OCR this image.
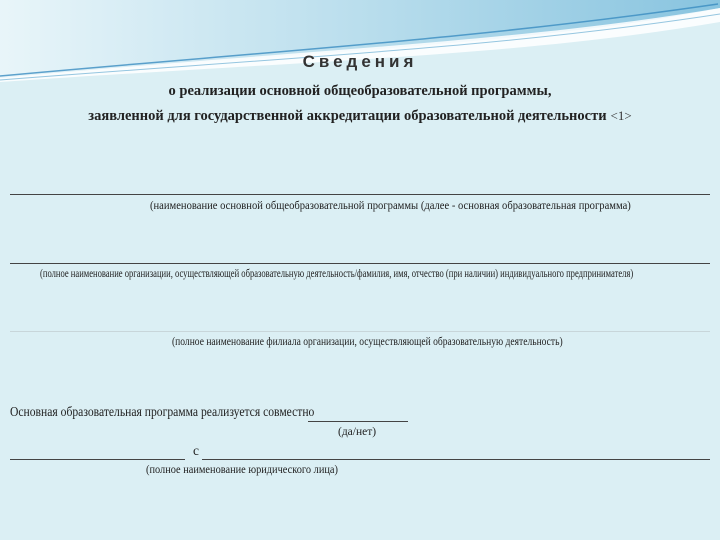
Сведения
о реализации основной общеобразовательной программы,
заявленной для государственной аккредитации образовательной деятельности <1>
(наименование основной общеобразовательной программы (далее - основная образовательная программа)
(полное наименование организации, осуществляющей образовательную деятельность/фамилия, имя, отчество (при наличии) индивидуального предпринимателя)
(полное наименование филиала организации, осуществляющей образовательную деятельность)
Основная образовательная программа реализуется совместно
(да/нет)
с
(полное наименование юридического лица)
